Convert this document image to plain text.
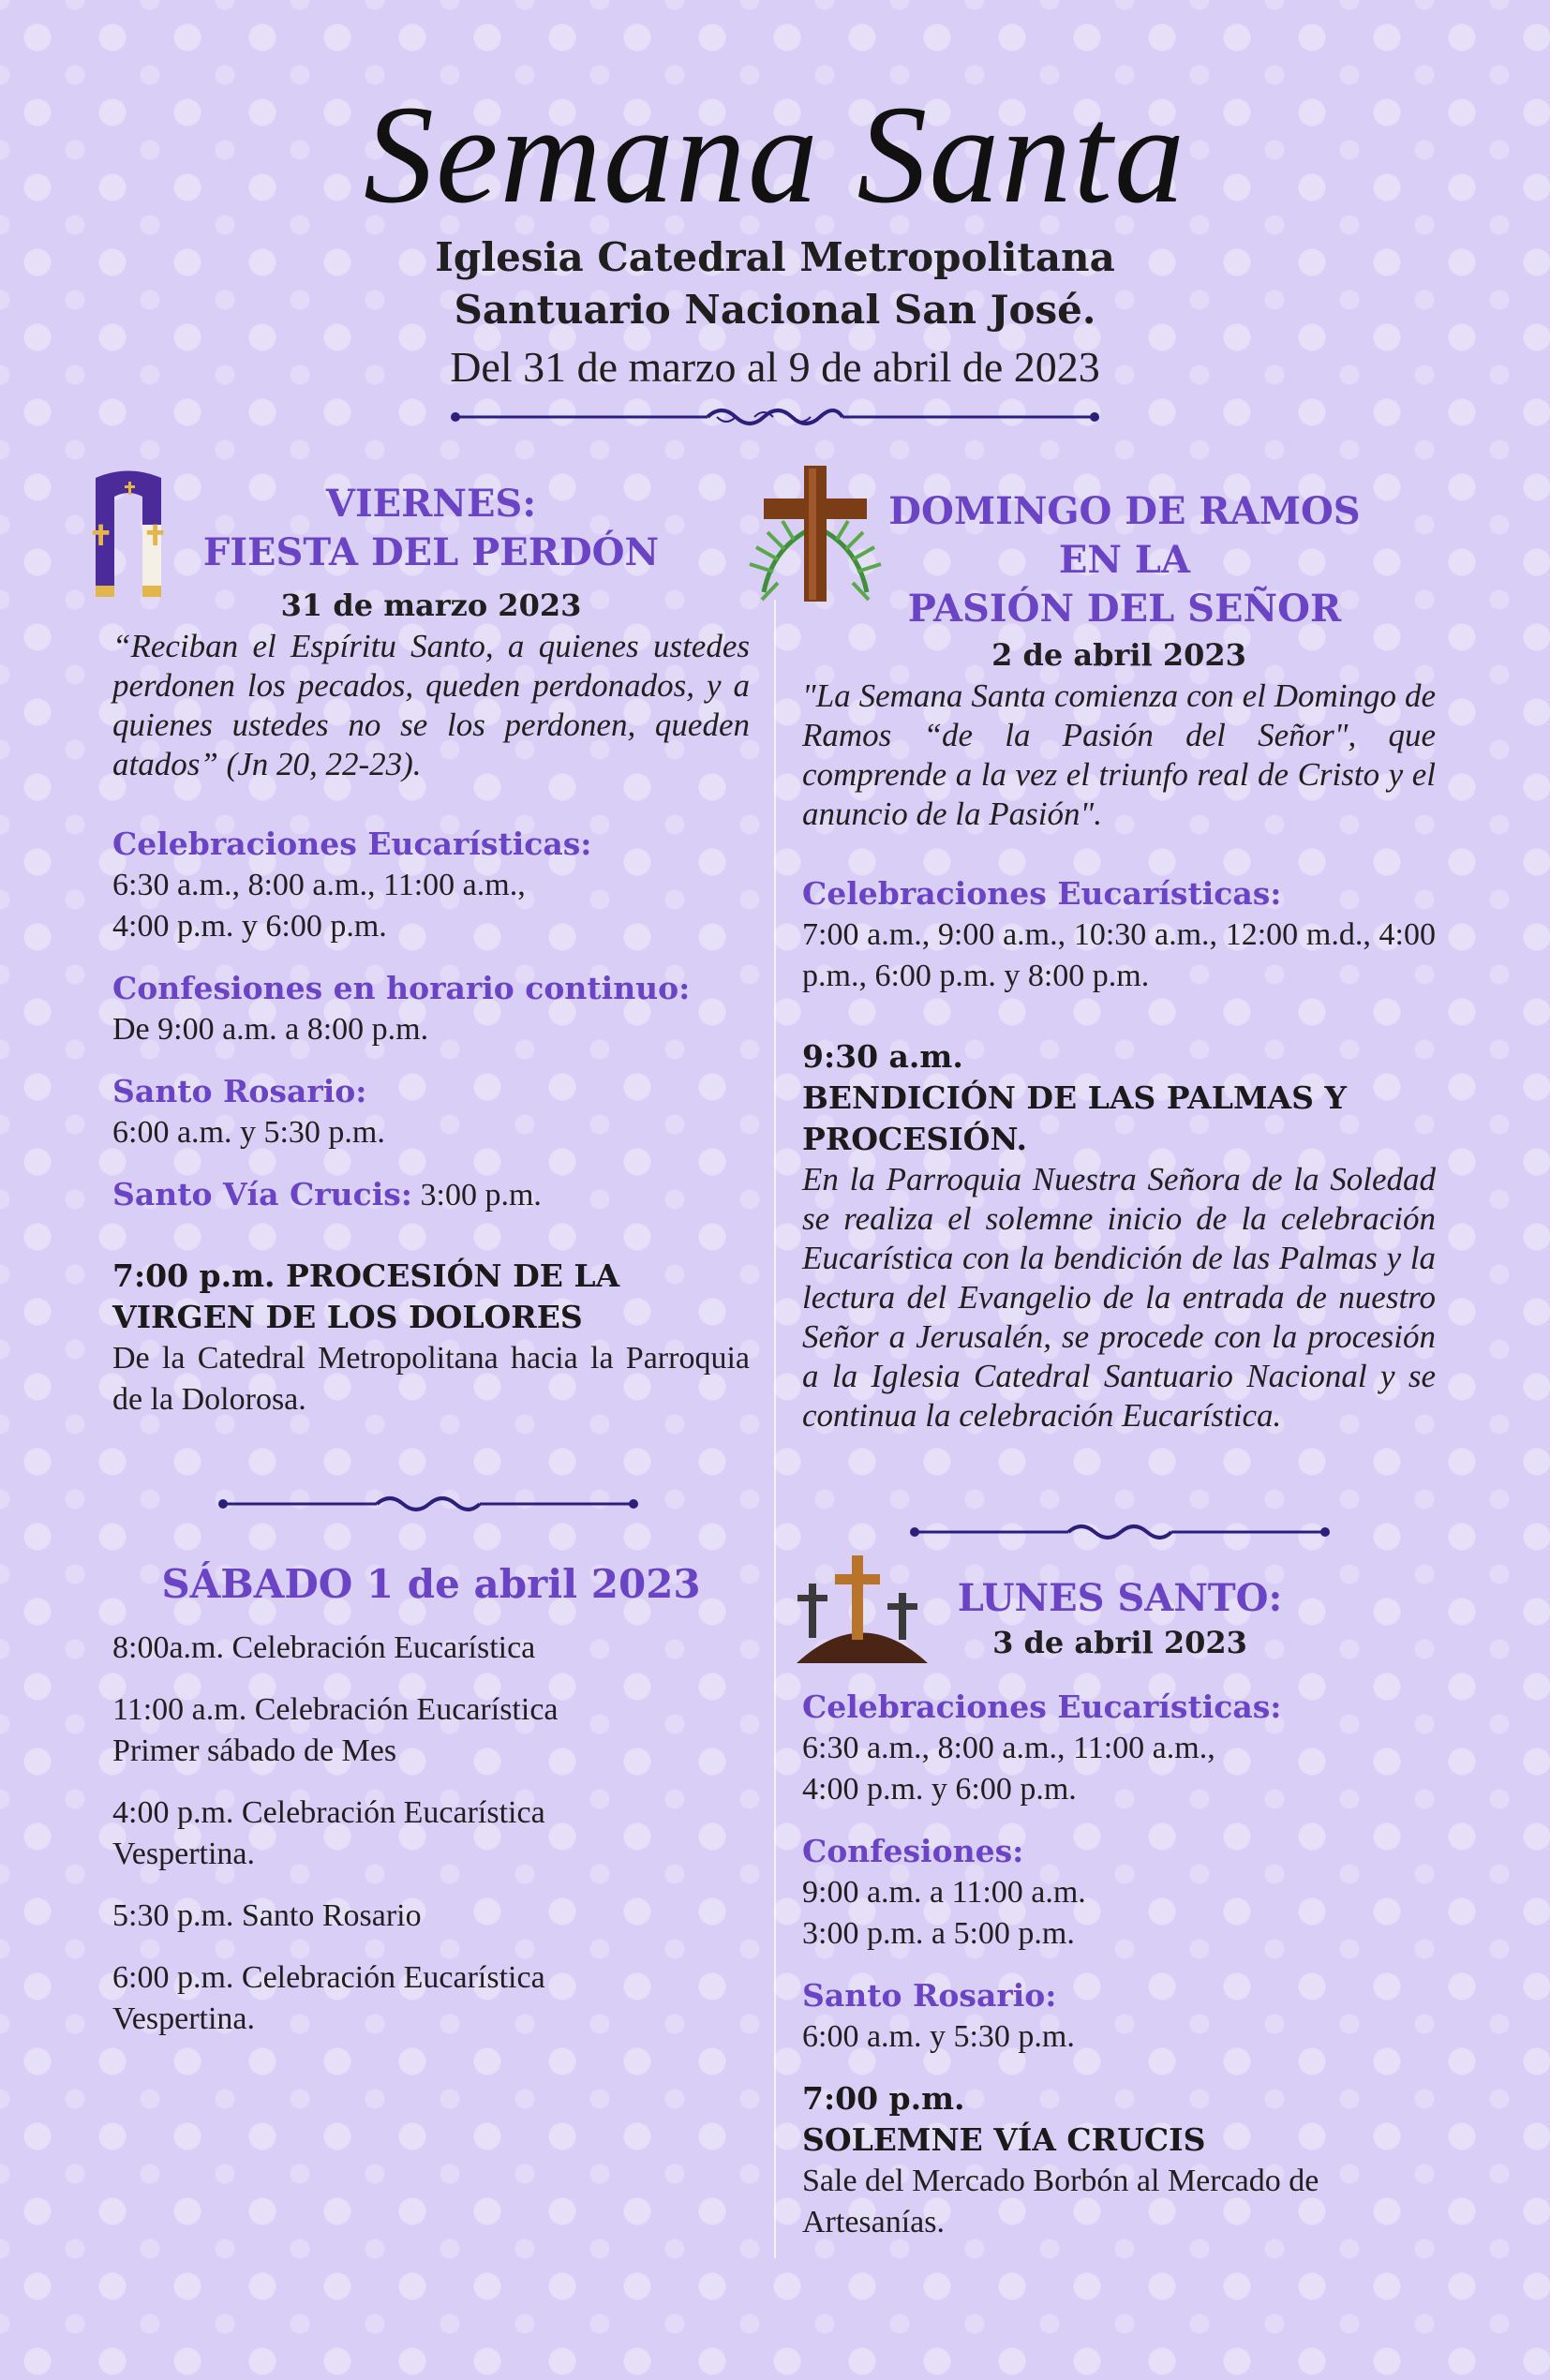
Semana Santa
Iglesia Catedral Metropolitana
Santuario Nacional San José.
Del 31 de marzo al 9 de abril de 2023
VIERNES:
FIESTA DEL PERDÓN
31 de marzo 2023
“Reciban el Espíritu Santo, a quienes ustedes perdonen los pecados, queden perdonados, y a quienes ustedes no se los perdonen, queden atados” (Jn 20, 22-23).
Celebraciones Eucarísticas:
6:30 a.m., 8:00 a.m., 11:00 a.m.,
4:00 p.m. y 6:00 p.m.
Confesiones en horario continuo:
De 9:00 a.m. a 8:00 p.m.
Santo Rosario:
6:00 a.m. y 5:30 p.m.
Santo Vía Crucis: 3:00 p.m.
7:00 p.m. PROCESIÓN DE LA
VIRGEN DE LOS DOLORES
De la Catedral Metropolitana hacia la Parroquia de la Dolorosa.
SÁBADO 1 de abril 2023
8:00a.m. Celebración Eucarística
11:00 a.m. Celebración Eucarística
Primer sábado de Mes
4:00 p.m. Celebración Eucarística
Vespertina.
5:30 p.m. Santo Rosario
6:00 p.m. Celebración Eucarística
Vespertina.
DOMINGO DE RAMOS
EN LA
PASIÓN DEL SEÑOR
2 de abril 2023
"La Semana Santa comienza con el Domingo de Ramos “de la Pasión del Señor", que comprende a la vez el triunfo real de Cristo y el anuncio de la Pasión".
Celebraciones Eucarísticas:
7:00 a.m., 9:00 a.m., 10:30 a.m., 12:00 m.d., 4:00 p.m., 6:00 p.m. y 8:00 p.m.
9:30 a.m.
BENDICIÓN DE LAS PALMAS Y
PROCESIÓN.
En la Parroquia Nuestra Señora de la Soledad se realiza el solemne inicio de la celebración Eucarística con la bendición de las Palmas y la lectura del Evangelio de la entrada de nuestro Señor a Jerusalén, se procede con la procesión a la Iglesia Catedral Santuario Nacional y se continua la celebración Eucarística.
LUNES SANTO:
3 de abril 2023
Celebraciones Eucarísticas:
6:30 a.m., 8:00 a.m., 11:00 a.m.,
4:00 p.m. y 6:00 p.m.
Confesiones:
9:00 a.m. a 11:00 a.m.
3:00 p.m. a 5:00 p.m.
Santo Rosario:
6:00 a.m. y 5:30 p.m.
7:00 p.m.
SOLEMNE VÍA CRUCIS
Sale del Mercado Borbón al Mercado de Artesanías.
